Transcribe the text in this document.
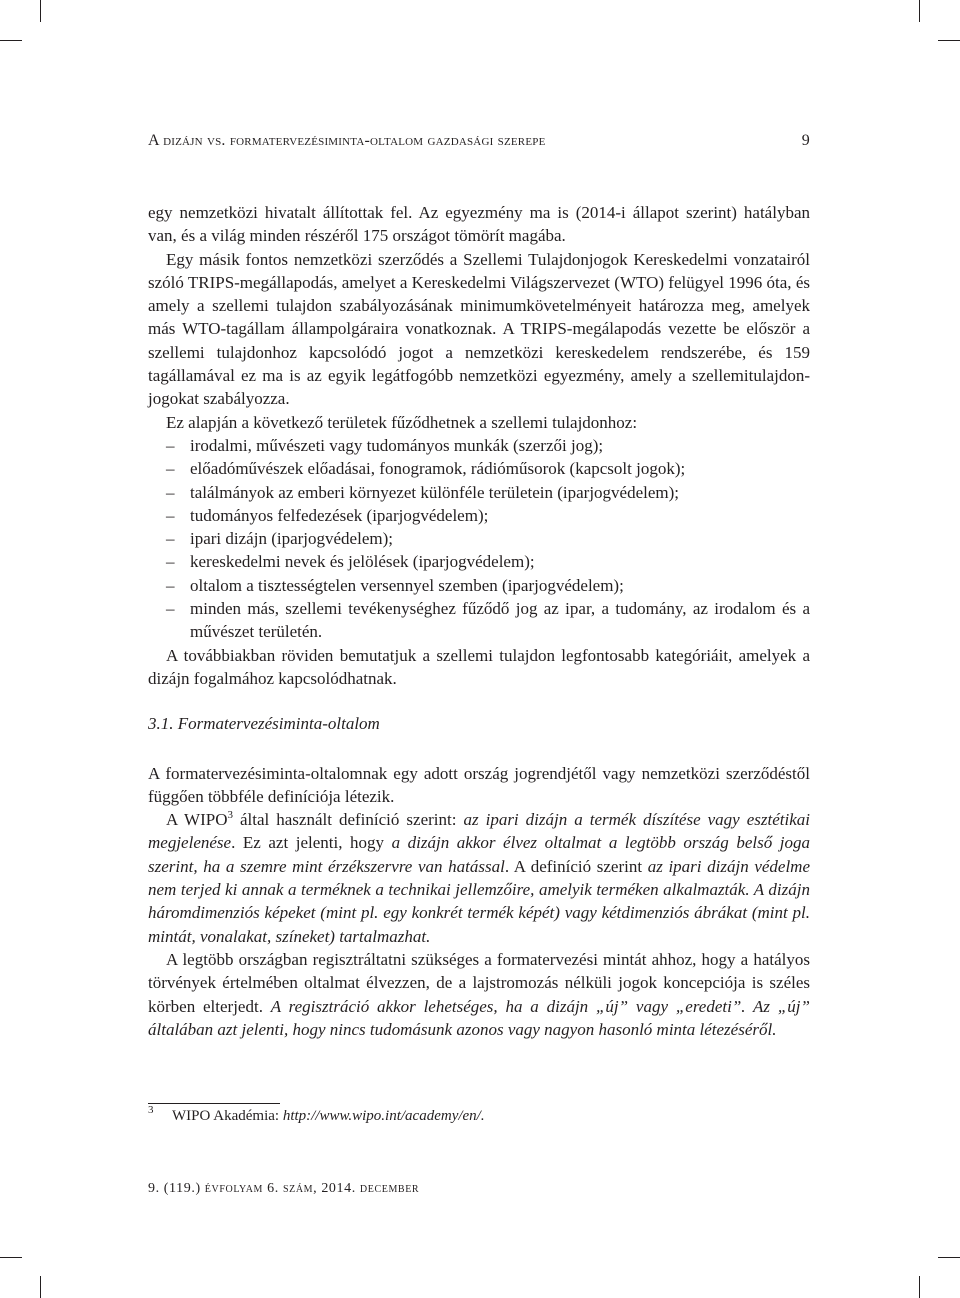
A dizájn vs. formatervezésiminta-oltalom gazdasági szerepe	9

egy nemzetközi hivatalt állítottak fel. Az egyezmény ma is (2014-i állapot szerint) hatályban van, és a világ minden részéről 175 országot tömörít magába.

Egy másik fontos nemzetközi szerződés a Szellemi Tulajdonjogok Kereskedelmi vonzatairól szóló TRIPS-megállapodás, amelyet a Kereskedelmi Világszervezet (WTO) felügyel 1996 óta, és amely a szellemi tulajdon szabályozásának minimumkövetelményeit határozza meg, amelyek más WTO-tagállam állampolgáraira vonatkoznak. A TRIPS-megálapodás vezette be először a szellemi tulajdonhoz kapcsolódó jogot a nemzetközi kereskedelem rendszerébe, és 159 tagállamával ez ma is az egyik legátfogóbb nemzetközi egyezmény, amely a szellemitulajdon-jogokat szabályozza.

Ez alapján a következő területek fűződhetnek a szellemi tulajdonhoz:

– irodalmi, művészeti vagy tudományos munkák (szerzői jog);
– előadóművészek előadásai, fonogramok, rádióműsorok (kapcsolt jogok);
– találmányok az emberi környezet különféle területein (iparjogvédelem);
– tudományos felfedezések (iparjogvédelem);
– ipari dizájn (iparjogvédelem);
– kereskedelmi nevek és jelölések (iparjogvédelem);
– oltalom a tisztességtelen versennyel szemben (iparjogvédelem);
– minden más, szellemi tevékenységhez fűződő jog az ipar, a tudomány, az irodalom és a művészet területén.

A továbbiakban röviden bemutatjuk a szellemi tulajdon legfontosabb kategóriáit, amelyek a dizájn fogalmához kapcsolódhatnak.

3.1. Formatervezésiminta-oltalom

A formatervezésiminta-oltalomnak egy adott ország jogrendjétől vagy nemzetközi szerződéstől függően többféle definíciója létezik.

A WIPO$^3$ által használt definíció szerint: az ipari dizájn a termék díszítése vagy esztétikai megjelenése. Ez azt jelenti, hogy a dizájn akkor élvez oltalmat a legtöbb ország belső joga szerint, ha a szemre mint érzékszervre van hatással. A definíció szerint az ipari dizájn védelme nem terjed ki annak a terméknek a technikai jellemzőire, amelyik terméken alkalmazták. A dizájn háromdimenziós képeket (mint pl. egy konkrét termék képét) vagy kétdimenziós ábrákat (mint pl. mintát, vonalakat, színeket) tartalmazhat.

A legtöbb országban regisztráltatni szükséges a formatervezési mintát ahhoz, hogy a hatályos törvények értelmében oltalmat élvezzen, de a lajstromozás nélküli jogok koncepciója is széles körben elterjedt. A regisztráció akkor lehetséges, ha a dizájn „új” vagy „eredeti”. Az „új” általában azt jelenti, hogy nincs tudomásunk azonos vagy nagyon hasonló minta létezéséről.

3 WIPO Akadémia: http://www.wipo.int/academy/en/.
9. (119.) évfolyam 6. szám, 2014. december
